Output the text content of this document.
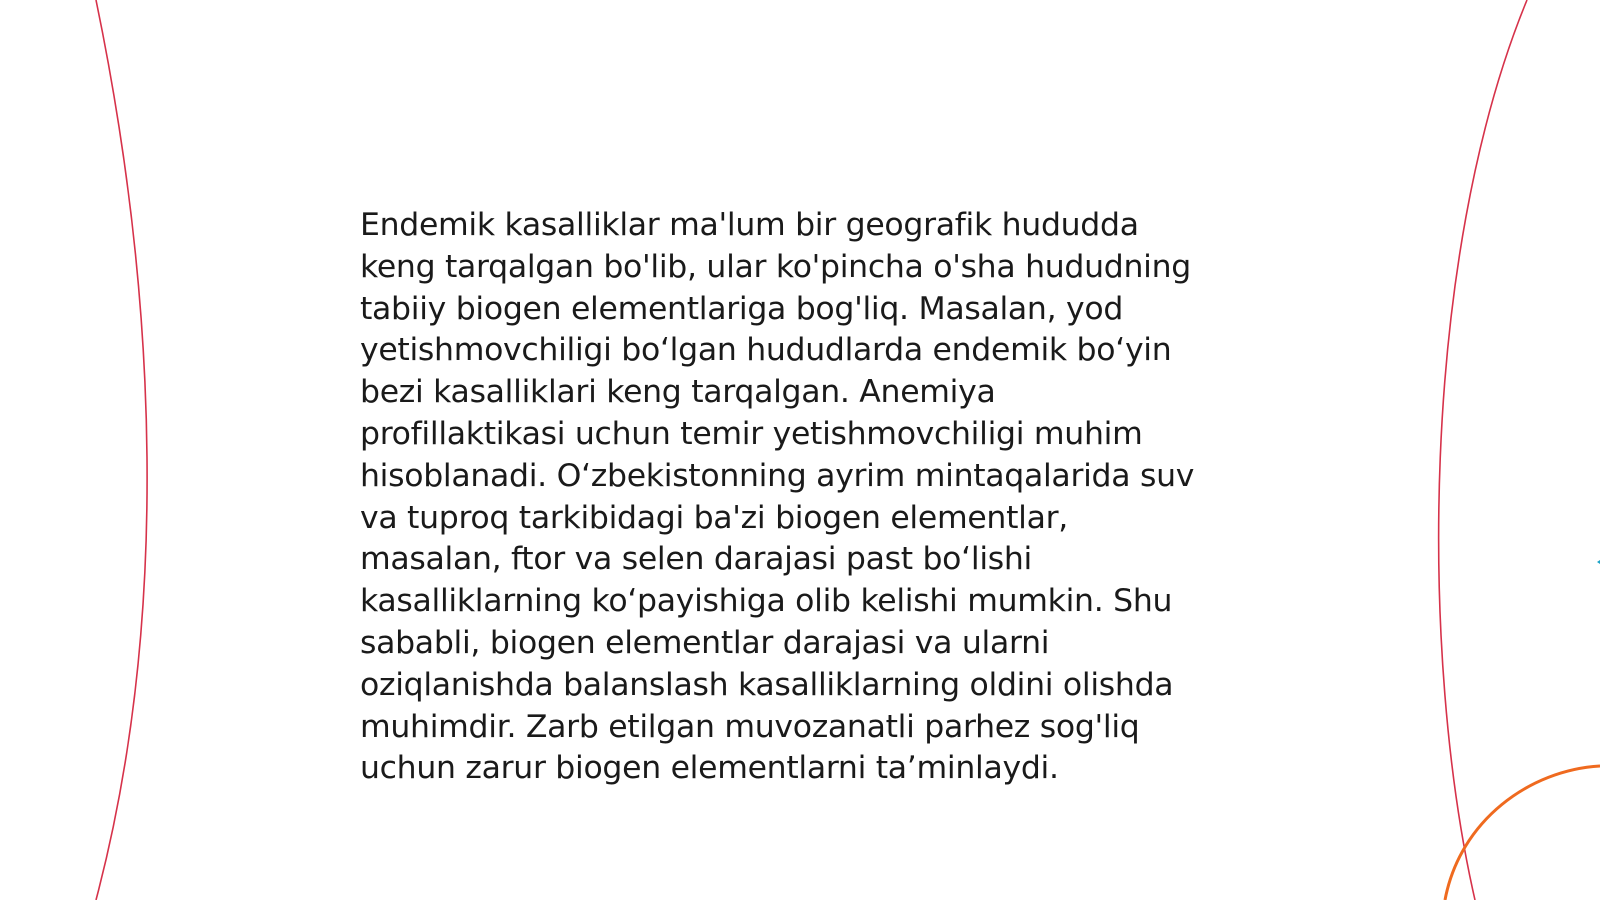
Endemik kasalliklar ma'lum bir geografik hududda
keng tarqalgan bo'lib, ular ko'pincha o'sha hududning
tabiiy biogen elementlariga bog'liq. Masalan, yod
yetishmovchiligi boʻlgan hududlarda endemik boʻyin
bezi kasalliklari keng tarqalgan. Anemiya
profillaktikasi uchun temir yetishmovchiligi muhim
hisoblanadi. Oʻzbekistonning ayrim mintaqalarida suv
va tuproq tarkibidagi ba'zi biogen elementlar,
masalan, ftor va selen darajasi past boʻlishi
kasalliklarning koʻpayishiga olib kelishi mumkin. Shu
sababli, biogen elementlar darajasi va ularni
oziqlanishda balanslash kasalliklarning oldini olishda
muhimdir. Zarb etilgan muvozanatli parhez sog'liq
uchun zarur biogen elementlarni taʼminlaydi.
